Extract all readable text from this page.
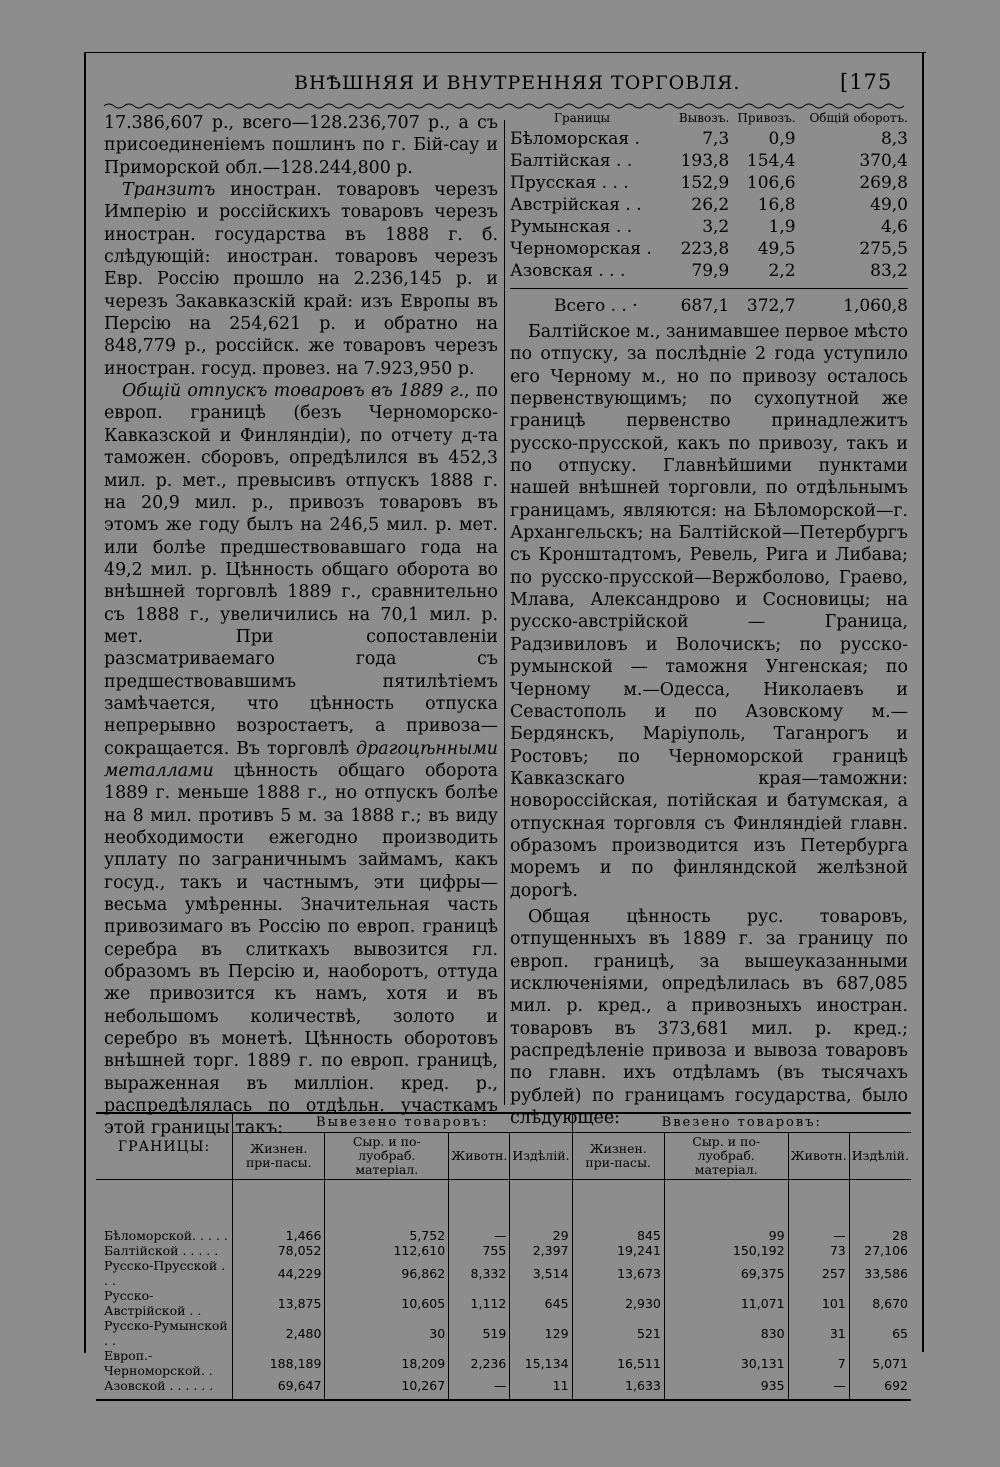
ВНѢШНЯЯ И ВНУТРЕННЯЯ ТОРГОВЛЯ.	[175

17.386,607 р., всего—128.236,707 р., а съ присоединеніемъ пошлинъ по г. Бій-сау и Приморской обл.—128.244,800 р.

Транзитъ иностран. товаровъ черезъ Имперію и россійскихъ товаровъ черезъ иностран. государства въ 1888 г. б. слѣдующій: иностран. товаровъ черезъ Евр. Россію прошло на 2.236,145 р. и черезъ Закавказскій край: изъ Европы въ Персію на 254,621 р. и обратно на 848,779 р., россійск. же товаровъ черезъ иностран. госуд. провез. на 7.923,950 р.

Общій отпускъ товаровъ въ 1889 г., по европ. границѣ (безъ Черноморско-Кавказской и Финляндіи), по отчету д-та таможен. сборовъ, опредѣлился въ 452,3 мил. р. мет., превысивъ отпускъ 1888 г. на 20,9 мил. р., привозъ товаровъ въ этомъ же году былъ на 246,5 мил. р. мет. или болѣе предшествовавшаго года на 49,2 мил. р. Цѣнность общаго оборота во внѣшней торговлѣ 1889 г., сравнительно съ 1888 г., увеличились на 70,1 мил. р. мет. При сопоставленіи разсматриваемаго года съ предшествовавшимъ пятилѣтіемъ замѣчается, что цѣнность отпуска непрерывно возростаетъ, а привоза—сокращается. Въ торговлѣ драгоцѣнными металлами цѣнность общаго оборота 1889 г. меньше 1888 г., но отпускъ болѣе на 8 мил. противъ 5 м. за 1888 г.; въ виду необходимости ежегодно производить уплату по заграничнымъ займамъ, какъ госуд., такъ и частнымъ, эти цифры—весьма умѣренны. Значительная часть привозимаго въ Россію по европ. границѣ серебра въ слиткахъ вывозится гл. образомъ въ Персію и, наоборотъ, оттуда же привозится къ намъ, хотя и въ небольшомъ количествѣ, золото и серебро въ монетѣ. Цѣнность оборотовъ внѣшней торг. 1889 г. по европ. границѣ, выраженная въ милліон. кред. р., распредѣлялась по отдѣльн. участкамъ этой границы такъ:

Границы	Вывозъ.	Привозъ.	Общій оборотъ.
Бѣломорская .	7,3	0,9	8,3
Балтійская . .	193,8	154,4	370,4
Прусская . . .	152,9	106,6	269,8
Австрійская . .	26,2	16,8	49,0
Румынская . .	3,2	1,9	4,6
Черноморская .	223,8	49,5	275,5
Азовская . . .	79,9	2,2	83,2

Всего . . ·	687,1	372,7	1,060,8

Балтійское м., занимавшее первое мѣсто по отпуску, за послѣдніе 2 года уступило его Черному м., но по привозу осталось первенствующимъ; по сухопутной же границѣ первенство принадлежитъ русско-прусской, какъ по привозу, такъ и по отпуску. Главнѣйшими пунктами нашей внѣшней торговли, по отдѣльнымъ границамъ, являются: на Бѣломорской—г. Архангельскъ; на Балтійской—Петербургъ съ Кронштадтомъ, Ревель, Рига и Либава; по русско-прусской—Вержболово, Граево, Млава, Александрово и Сосновицы; на русско-австрійской — Граница, Радзивиловъ и Волочискъ; по русско-румынской — таможня Унгенская; по Черному м.—Одесса, Николаевъ и Севастополь и по Азовскому м.—Бердянскъ, Маріуполь, Таганрогъ и Ростовъ; по Черноморской границѣ Кавказскаго края—таможни: новороссійская, потійская и батумская, а отпускная торговля съ Финляндіей главн. образомъ производится изъ Петербурга моремъ и по финляндской желѣзной дорогѣ.

Общая цѣнность рус. товаровъ, отпущенныхъ въ 1889 г. за границу по европ. границѣ, за вышеуказанными исключеніями, опредѣлилась въ 687,085 мил. р. кред., а привозныхъ иностран. товаровъ въ 373,681 мил. р. кред.; распредѣленіе привоза и вывоза товаровъ по главн. ихъ отдѣламъ (въ тысячахъ рублей) по границамъ государства, было слѣдующее:

ГРАНИЦЫ:	Вывезено товаровъ:				Ввезено товаровъ:			
	Жизнен. при-пасы.	Сыр. и по-луобраб. матеріал.	Животн.	Издѣлій.	Жизнен. при-пасы.	Сыр. и по-луобраб. матеріал.	Животн.	Издѣлій.

Бѣломорской. . . . .	1,466	5,752	—	29	845	99	—	28
Балтійской . . . . .	78,052	112,610	755	2,397	19,241	150,192	73	27,106
Русско-Прусской . . .	44,229	96,862	8,332	3,514	13,673	69,375	257	33,586
Русско-Австрійской . .	13,875	10,605	1,112	645	2,930	11,071	101	8,670
Русско-Румынской . .	2,480	30	519	129	521	830	31	65
Европ.-Черноморской. .	188,189	18,209	2,236	15,134	16,511	30,131	7	5,071
Азовской . . . . . .	69,647	10,267	—	11	1,633	935	—	692
